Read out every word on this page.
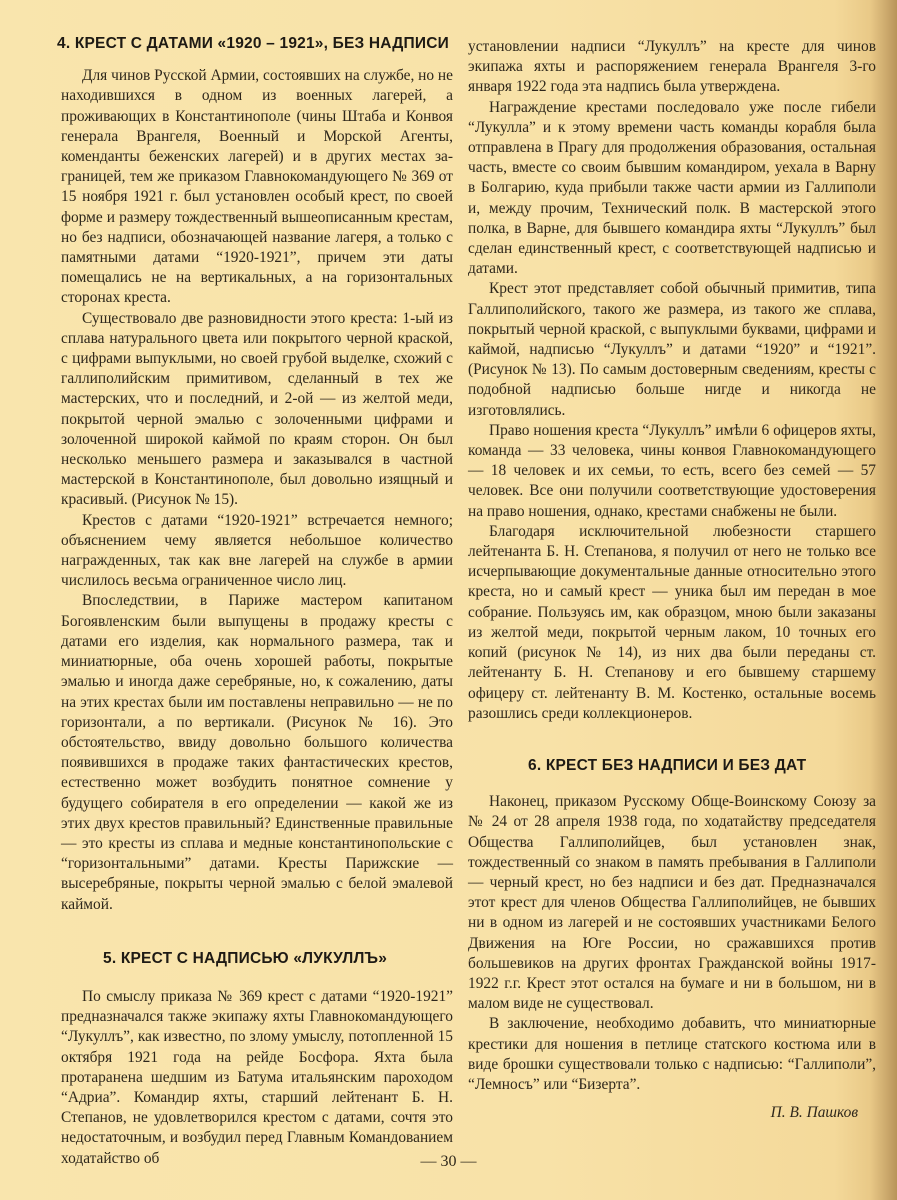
4. КРЕСТ С ДАТАМИ «1920 – 1921», БЕЗ НАДПИСИ

Для чинов Русской Армии, состоявших на службе, но не находившихся в одном из военных лагерей, а проживающих в Константинополе (чины Штаба и Конвоя генерала Врангеля, Военный и Морской Агенты, коменданты беженских лагерей) и в других местах за-границей, тем же приказом Главнокомандующего № 369 от 15 ноября 1921 г. был установлен особый крест, по своей форме и размеру тождественный вышеописанным крестам, но без надписи, обозначающей название лагеря, а только с памятными датами “1920-1921”, причем эти даты помещались не на вертикальных, а на горизонтальных сторонах креста.

Существовало две разновидности этого креста: 1-ый из сплава натурального цвета или покрытого черной краской, с цифрами выпуклыми, но своей грубой выделке, схожий с галлиполийским примитивом, сделанный в тех же мастерских, что и последний, и 2-ой — из желтой меди, покрытой черной эмалью с золоченными цифрами и золоченной широкой каймой по краям сторон. Он был несколько меньшего размера и заказывался в частной мастерской в Константинополе, был довольно изящный и красивый. (Рисунок № 15).

Крестов с датами “1920-1921” встречается немного; объяснением чему является небольшое количество награжденных, так как вне лагерей на службе в армии числилось весьма ограниченное число лиц.

Впоследствии, в Париже мастером капитаном Богоявленским были выпущены в продажу кресты с датами его изделия, как нормального размера, так и миниатюрные, оба очень хорошей работы, покрытые эмалью и иногда даже серебряные, но, к сожалению, даты на этих крестах были им поставлены неправильно — не по горизонтали, а по вертикали. (Рисунок № 16). Это обстоятельство, ввиду довольно большого количества появившихся в продаже таких фантастических крестов, естественно может возбудить понятное сомнение у будущего собирателя в его определении — какой же из этих двух крестов правильный? Единственные правильные — это кресты из сплава и медные константинопольские с “горизонтальными” датами. Кресты Парижские — высеребряные, покрыты черной эмалью с белой эмалевой каймой.

5. КРЕСТ С НАДПИСЬЮ «ЛУКУЛЛЪ»

По смыслу приказа № 369 крест с датами “1920-1921” предназначался также экипажу яхты Главнокомандующего “Лукуллъ”, как известно, по злому умыслу, потопленной 15 октября 1921 года на рейде Босфора. Яхта была протаранена шедшим из Батума итальянским пароходом “Адриа”. Командир яхты, старший лейтенант Б. Н. Степанов, не удовлетворился крестом с датами, сочтя это недостаточным, и возбудил перед Главным Командованием ходатайство об

установлении надписи “Лукуллъ” на кресте для чинов экипажа яхты и распоряжением генерала Врангеля 3-го января 1922 года эта надпись была утверждена.

Награждение крестами последовало уже после гибели “Лукулла” и к этому времени часть команды корабля была отправлена в Прагу для продолжения образования, остальная часть, вместе со своим бывшим командиром, уехала в Варну в Болгарию, куда прибыли также части армии из Галлиполи и, между прочим, Технический полк. В мастерской этого полка, в Варне, для бывшего командира яхты “Лукуллъ” был сделан единственный крест, с соответствующей надписью и датами.

Крест этот представляет собой обычный примитив, типа Галлиполийского, такого же размера, из такого же сплава, покрытый черной краской, с выпуклыми буквами, цифрами и каймой, надписью “Лукуллъ” и датами “1920” и “1921”. (Рисунок № 13). По самым достоверным сведениям, кресты с подобной надписью больше нигде и никогда не изготовлялись.

Право ношения креста “Лукуллъ” имѣли 6 офицеров яхты, команда — 33 человека, чины конвоя Главнокомандующего — 18 человек и их семьи, то есть, всего без семей — 57 человек. Все они получили соответствующие удостоверения на право ношения, однако, крестами снабжены не были.

Благодаря исключительной любезности старшего лейтенанта Б. Н. Степанова, я получил от него не только все исчерпывающие документальные данные относительно этого креста, но и самый крест — уника был им передан в мое собрание. Пользуясь им, как образцом, мною были заказаны из желтой меди, покрытой черным лаком, 10 точных его копий (рисунок № 14), из них два были переданы ст. лейтенанту Б. Н. Степанову и его бывшему старшему офицеру ст. лейтенанту В. М. Костенко, остальные восемь разошлись среди коллекционеров.

6. КРЕСТ БЕЗ НАДПИСИ И БЕЗ ДАТ

Наконец, приказом Русскому Обще-Воинскому Союзу за № 24 от 28 апреля 1938 года, по ходатайству председателя Общества Галлиполийцев, был установлен знак, тождественный со знаком в память пребывания в Галлиполи — черный крест, но без надписи и без дат. Предназначался этот крест для членов Общества Галлиполийцев, не бывших ни в одном из лагерей и не состоявших участниками Белого Движения на Юге России, но сражавшихся против большевиков на других фронтах Гражданской войны 1917-1922 г.г. Крест этот остался на бумаге и ни в большом, ни в малом виде не существовал.

В заключение, необходимо добавить, что миниатюрные крестики для ношения в петлице статского костюма или в виде брошки существовали только с надписью: “Галлиполи”, “Лемносъ” или “Бизерта”.

П. В. Пашков
— 30 —
